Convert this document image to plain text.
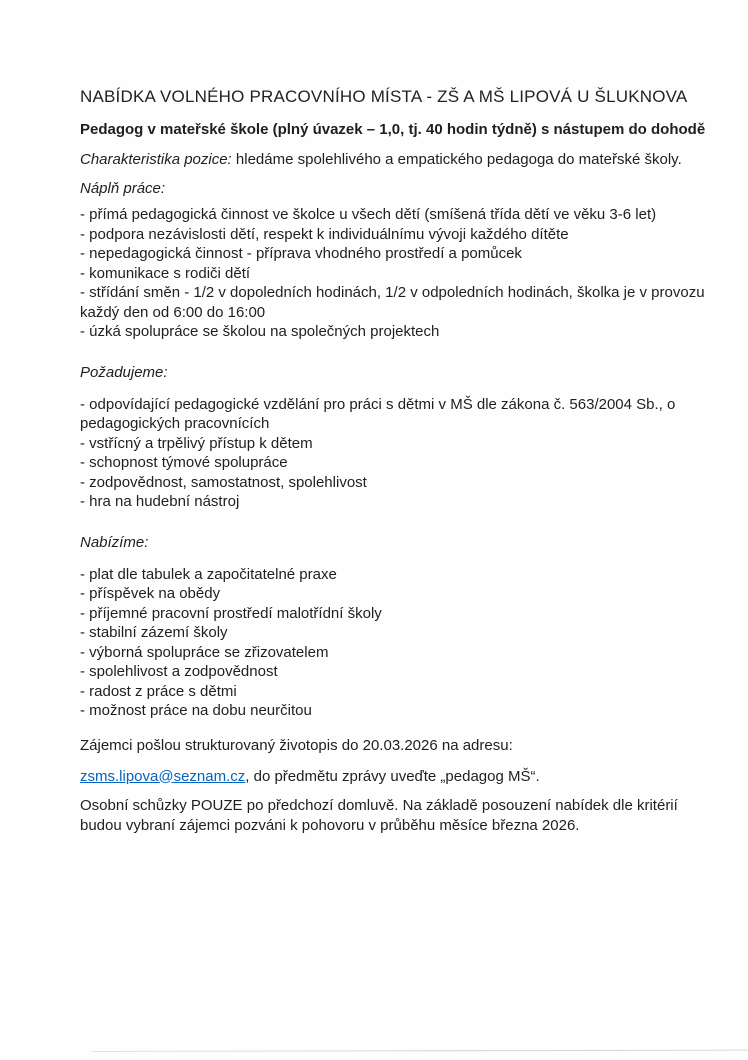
NABÍDKA VOLNÉHO PRACOVNÍHO MÍSTA - ZŠ A MŠ LIPOVÁ U ŠLUKNOVA

Pedagog v mateřské škole (plný úvazek – 1,0, tj. 40 hodin týdně) s nástupem do dohodě

Charakteristika pozice: hledáme spolehlivého a empatického pedagoga do mateřské školy.

Náplň práce:

- přímá pedagogická činnost ve školce u všech dětí (smíšená třída dětí ve věku 3-6 let)
- podpora nezávislosti dětí, respekt k individuálnímu vývoji každého dítěte
- nepedagogická činnost - příprava vhodného prostředí a pomůcek
- komunikace s rodiči dětí
- střídání směn - 1/2 v dopoledních hodinách, 1/2 v odpoledních hodinách, školka je v provozu každý den od 6:00 do 16:00
- úzká spolupráce se školou na společných projektech

Požadujeme:

- odpovídající pedagogické vzdělání pro práci s dětmi v MŠ dle zákona č. 563/2004 Sb., o pedagogických pracovnících
- vstřícný a trpělivý přístup k dětem
- schopnost týmové spolupráce
- zodpovědnost, samostatnost, spolehlivost
- hra na hudební nástroj

Nabízíme:

- plat dle tabulek a započitatelné praxe
- příspěvek na obědy
- příjemné pracovní prostředí malotřídní školy
- stabilní zázemí školy
- výborná spolupráce se zřizovatelem
- spolehlivost a zodpovědnost
- radost z práce s dětmi
- možnost práce na dobu neurčitou

Zájemci pošlou strukturovaný životopis do 20.03.2026 na adresu:

zsms.lipova@seznam.cz, do předmětu zprávy uveďte „pedagog MŠ“.

Osobní schůzky POUZE po předchozí domluvě. Na základě posouzení nabídek dle kritérií budou vybraní zájemci pozváni k pohovoru v průběhu měsíce března 2026.
